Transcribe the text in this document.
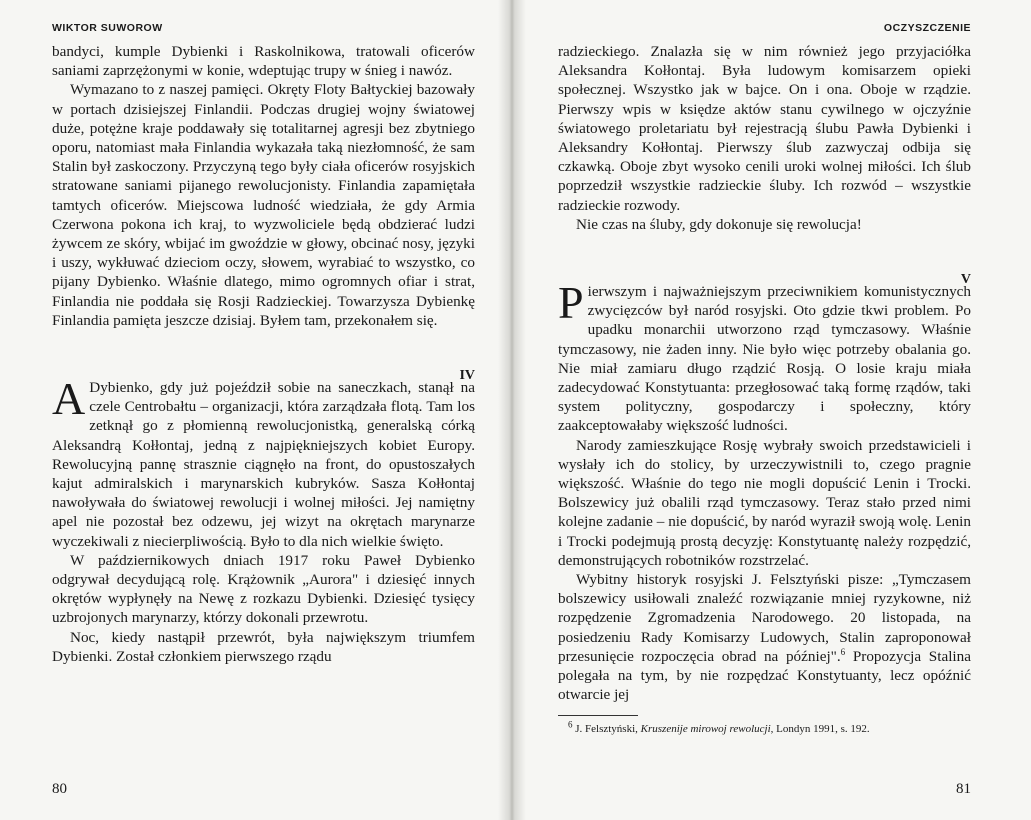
WIKTOR SUWOROW

bandyci, kumple Dybienki i Raskolnikowa, tratowali oficerów saniami zaprzężonymi w konie, wdeptując trupy w śnieg i nawóz.

Wymazano to z naszej pamięci. Okręty Floty Bałtyckiej bazowały w portach dzisiejszej Finlandii. Podczas drugiej wojny światowej duże, potężne kraje poddawały się totalitarnej agresji bez zbytniego oporu, natomiast mała Finlandia wykazała taką niezłomność, że sam Stalin był zaskoczony. Przyczyną tego były ciała oficerów rosyjskich stratowane saniami pijanego rewolucjonisty. Finlandia zapamiętała tamtych oficerów. Miejscowa ludność wiedziała, że gdy Armia Czerwona pokona ich kraj, to wyzwoliciele będą obdzierać ludzi żywcem ze skóry, wbijać im gwoździe w głowy, obcinać nosy, języki i uszy, wykłuwać dzieciom oczy, słowem, wyrabiać to wszystko, co pijany Dybienko. Właśnie dlatego, mimo ogromnych ofiar i strat, Finlandia nie poddała się Rosji Radzieckiej. Towarzysza Dybienkę Finlandia pamięta jeszcze dzisiaj. Byłem tam, przekonałem się.

IV

A Dybienko, gdy już pojeździł sobie na saneczkach, stanął na czele Centrobałtu – organizacji, która zarządzała flotą. Tam los zetknął go z płomienną rewolucjonistką, generalską córką Aleksandrą Kołłontaj, jedną z najpiękniejszych kobiet Europy. Rewolucyjną pannę strasznie ciągnęło na front, do opustoszałych kajut admiralskich i marynarskich kubryków. Sasza Kołłontaj nawoływała do światowej rewolucji i wolnej miłości. Jej namiętny apel nie pozostał bez odzewu, jej wizyt na okrętach marynarze wyczekiwali z niecierpliwością. Było to dla nich wielkie święto.

W październikowych dniach 1917 roku Paweł Dybienko odgrywał decydującą rolę. Krążownik „Aurora" i dziesięć innych okrętów wypłynęły na Newę z rozkazu Dybienki. Dziesięć tysięcy uzbrojonych marynarzy, którzy dokonali przewrotu.

Noc, kiedy nastąpił przewrót, była największym triumfem Dybienki. Został członkiem pierwszego rządu

80
OCZYSZCZENIE

radzieckiego. Znalazła się w nim również jego przyjaciółka Aleksandra Kołłontaj. Była ludowym komisarzem opieki społecznej. Wszystko jak w bajce. On i ona. Oboje w rządzie. Pierwszy wpis w księdze aktów stanu cywilnego w ojczyźnie światowego proletariatu był rejestracją ślubu Pawła Dybienki i Aleksandry Kołłontaj. Pierwszy ślub zazwyczaj odbija się czkawką. Oboje zbyt wysoko cenili uroki wolnej miłości. Ich ślub poprzedził wszystkie radzieckie śluby. Ich rozwód – wszystkie radzieckie rozwody.

Nie czas na śluby, gdy dokonuje się rewolucja!

V

Pierwszym i najważniejszym przeciwnikiem komunistycznych zwycięzców był naród rosyjski. Oto gdzie tkwi problem. Po upadku monarchii utworzono rząd tymczasowy. Właśnie tymczasowy, nie żaden inny. Nie było więc potrzeby obalania go. Nie miał zamiaru długo rządzić Rosją. O losie kraju miała zadecydować Konstytuanta: przegłosować taką formę rządów, taki system polityczny, gospodarczy i społeczny, który zaakceptowałaby większość ludności.

Narody zamieszkujące Rosję wybrały swoich przedstawicieli i wysłały ich do stolicy, by urzeczywistnili to, czego pragnie większość. Właśnie do tego nie mogli dopuścić Lenin i Trocki. Bolszewicy już obalili rząd tymczasowy. Teraz stało przed nimi kolejne zadanie – nie dopuścić, by naród wyraził swoją wolę. Lenin i Trocki podejmują prostą decyzję: Konstytuantę należy rozpędzić, demonstrujących robotników rozstrzelać.

Wybitny historyk rosyjski J. Felsztyński pisze: „Tymczasem bolszewicy usiłowali znaleźć rozwiązanie mniej ryzykowne, niż rozpędzenie Zgromadzenia Narodowego. 20 listopada, na posiedzeniu Rady Komisarzy Ludowych, Stalin zaproponował przesunięcie rozpoczęcia obrad na później".$^6$ Propozycja Stalina polegała na tym, by nie rozpędzać Konstytuanty, lecz opóźnić otwarcie jej

$^6$ J. Felsztyński, Kruszenije mirowoj rewolucji, Londyn 1991, s. 192.
81
